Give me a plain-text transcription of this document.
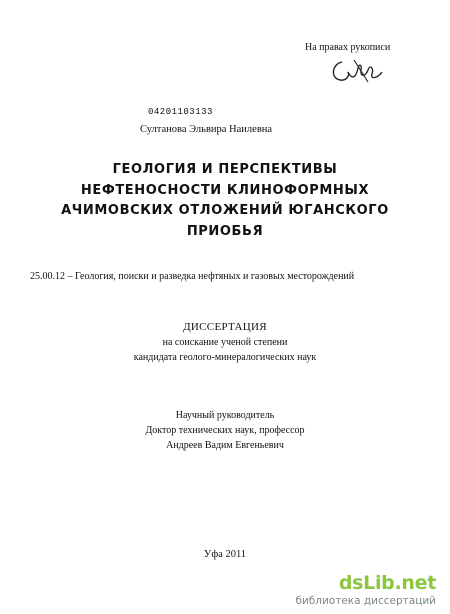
На правах рукописи
04201103133
Султанова Эльвира Наилевна
ГЕОЛОГИЯ И ПЕРСПЕКТИВЫ
НЕФТЕНОСНОСТИ КЛИНОФОРМНЫХ
АЧИМОВСКИХ ОТЛОЖЕНИЙ ЮГАНСКОГО
ПРИОБЬЯ
25.00.12 – Геология, поиски и разведка нефтяных и газовых месторождений
ДИССЕРТАЦИЯ
на соискание ученой степени
кандидата геолого-минералогических наук
Научный руководитель
Доктор технических наук, профессор
Андреев Вадим Евгеньевич
Уфа 2011
dsLib.net
библиотека диссертаций
